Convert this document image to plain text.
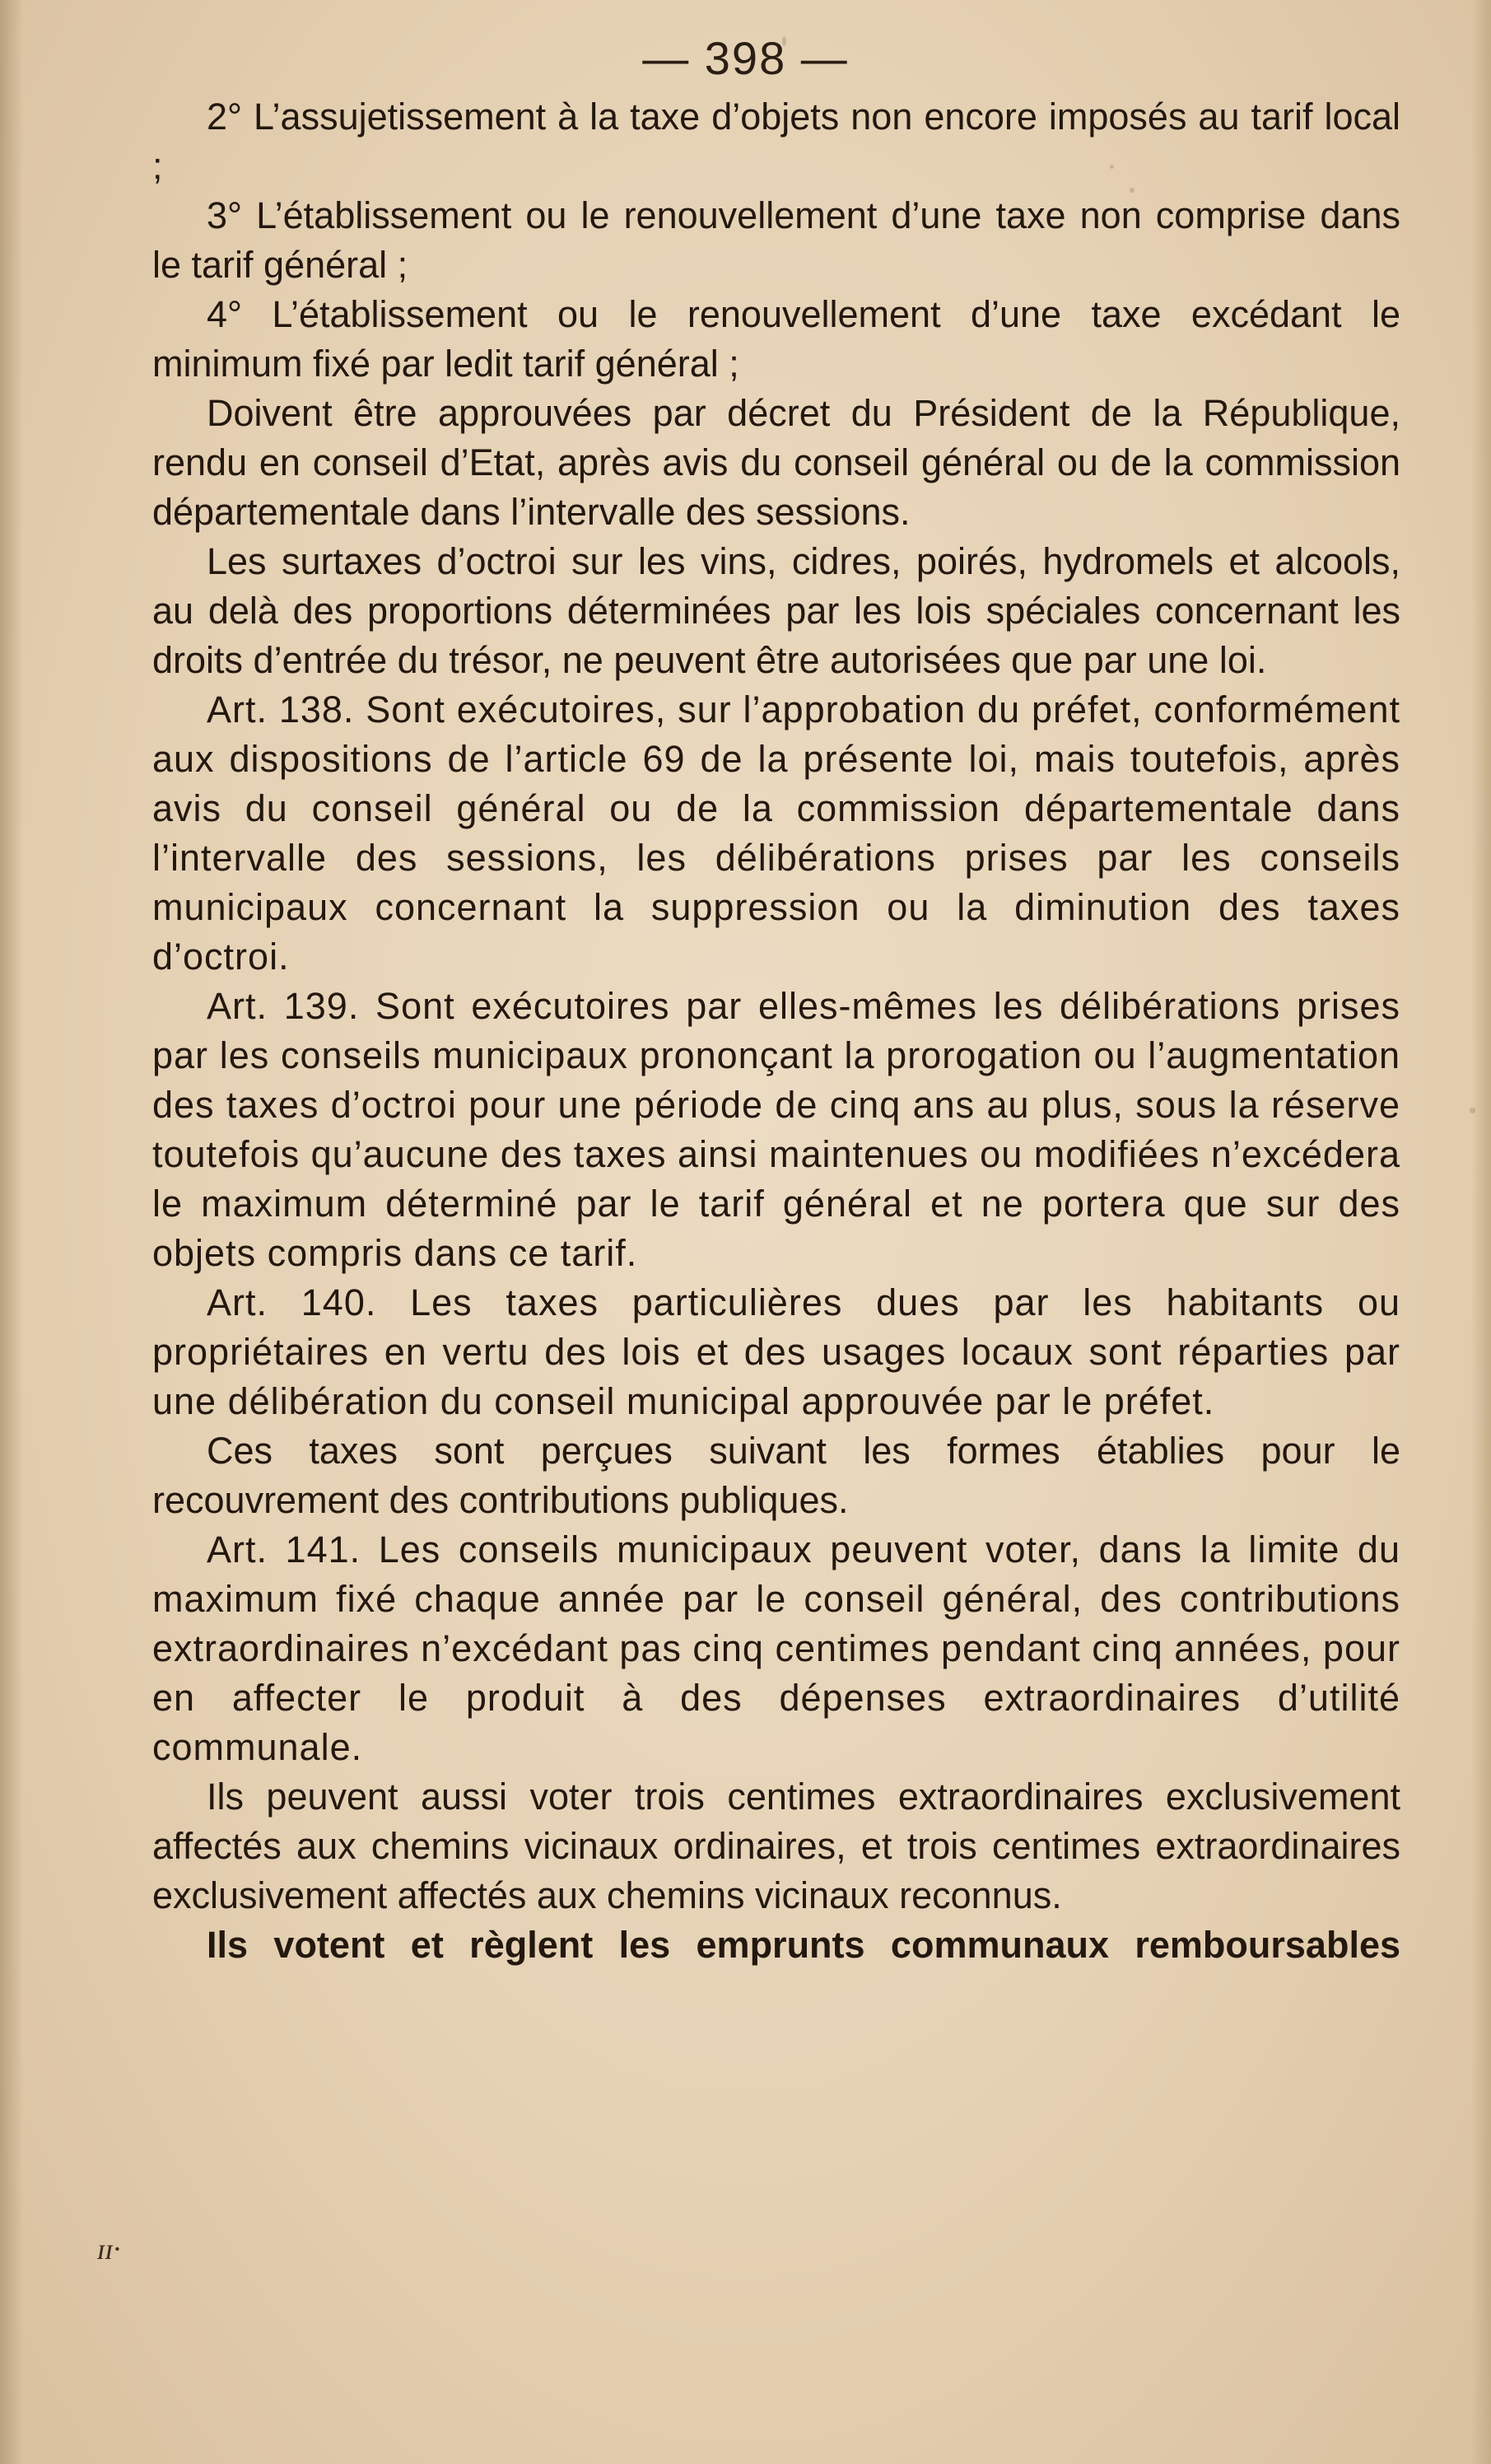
— 398 —

2° L’assujetissement à la taxe d’objets non encore imposés au tarif local ;

3° L’établissement ou le renouvellement d’une taxe non comprise dans le tarif général ;

4° L’établissement ou le renouvellement d’une taxe excédant le minimum fixé par ledit tarif général ;

Doivent être approuvées par décret du Président de la République, rendu en conseil d’Etat, après avis du conseil général ou de la commission départementale dans l’intervalle des sessions.

Les surtaxes d’octroi sur les vins, cidres, poirés, hydromels et alcools, au delà des proportions déterminées par les lois spéciales concernant les droits d’entrée du trésor, ne peuvent être autorisées que par une loi.

Art. 138. Sont exécutoires, sur l’approbation du préfet, conformément aux dispositions de l’article 69 de la présente loi, mais toutefois, après avis du conseil général ou de la commission départementale dans l’intervalle des sessions, les délibérations prises par les conseils municipaux concernant la suppression ou la diminution des taxes d’octroi.

Art. 139. Sont exécutoires par elles-mêmes les délibérations prises par les conseils municipaux prononçant la prorogation ou l’augmentation des taxes d’octroi pour une période de cinq ans au plus, sous la réserve toutefois qu’aucune des taxes ainsi maintenues ou modifiées n’excédera le maximum déterminé par le tarif général et ne portera que sur des objets compris dans ce tarif.

Art. 140. Les taxes particulières dues par les habitants ou propriétaires en vertu des lois et des usages locaux sont réparties par une délibération du conseil municipal approuvée par le préfet.

Ces taxes sont perçues suivant les formes établies pour le recouvrement des contributions publiques.

Art. 141. Les conseils municipaux peuvent voter, dans la limite du maximum fixé chaque année par le conseil général, des contributions extraordinaires n’excédant pas cinq centimes pendant cinq années, pour en affecter le produit à des dépenses extraordinaires d’utilité communale.

Ils peuvent aussi voter trois centimes extraordinaires exclusivement affectés aux chemins vicinaux ordinaires, et trois centimes extraordinaires exclusivement affectés aux chemins vicinaux reconnus.

Ils votent et règlent les emprunts communaux remboursables

ɪɪ·
